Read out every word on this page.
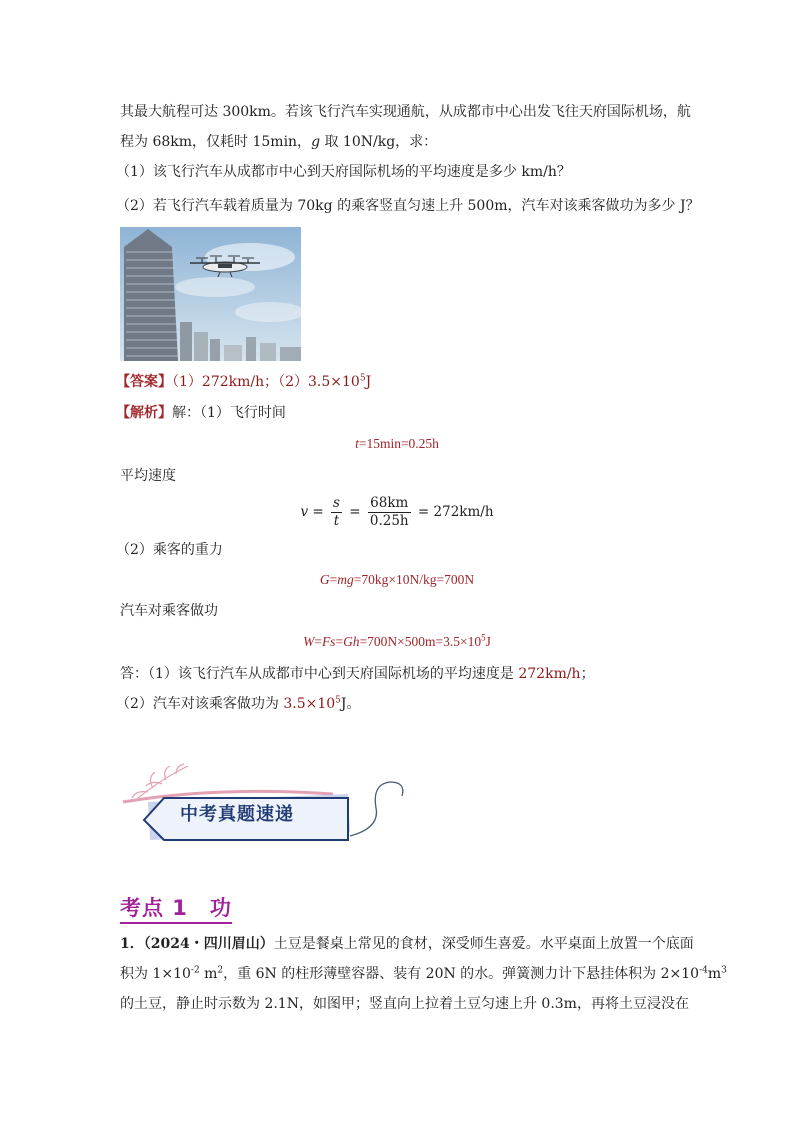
其最大航程可达 300km。若该飞行汽车实现通航，从成都市中心出发飞往天府国际机场，航
程为 68km，仅耗时 15min，g 取 10N/kg，求：
（1）该飞行汽车从成都市中心到天府国际机场的平均速度是多少 km/h？
（2）若飞行汽车载着质量为 70kg 的乘客竖直匀速上升 500m，汽车对该乘客做功为多少 J？
【答案】（1）272km/h；$(2)3.5\times 10^5J$
【解析】解：（1）飞行时间
t=15min=0.25h
平均速度
$v = \frac{s}{t} = \frac{68km}{0.25h} = 272km/h$
（2）乘客的重力
G=mg=70kg×10N/kg=700N
汽车对乘客做功
$W=Fs=Gh=700N\times 500m=3.5\times 10^5J$
答：（1）该飞行汽车从成都市中心到天府国际机场的平均速度是 272km/h；
（2）汽车对该乘客做功为 $3.5\times 10^5J$。
中考真题速递
考点 1　功
1．（2024・四川眉山）土豆是餐桌上常见的食材，深受师生喜爱。水平桌面上放置一个底面
积为 $1\times 10^{-2}$ $m^2$，重 6N 的柱形薄壁容器、装有 20N 的水。弹簧测力计下悬挂体积为 $2\times 10^{-4}m^3$
的土豆，静止时示数为 2.1N，如图甲；竖直向上拉着土豆匀速上升 0.3m，再将土豆浸没在
